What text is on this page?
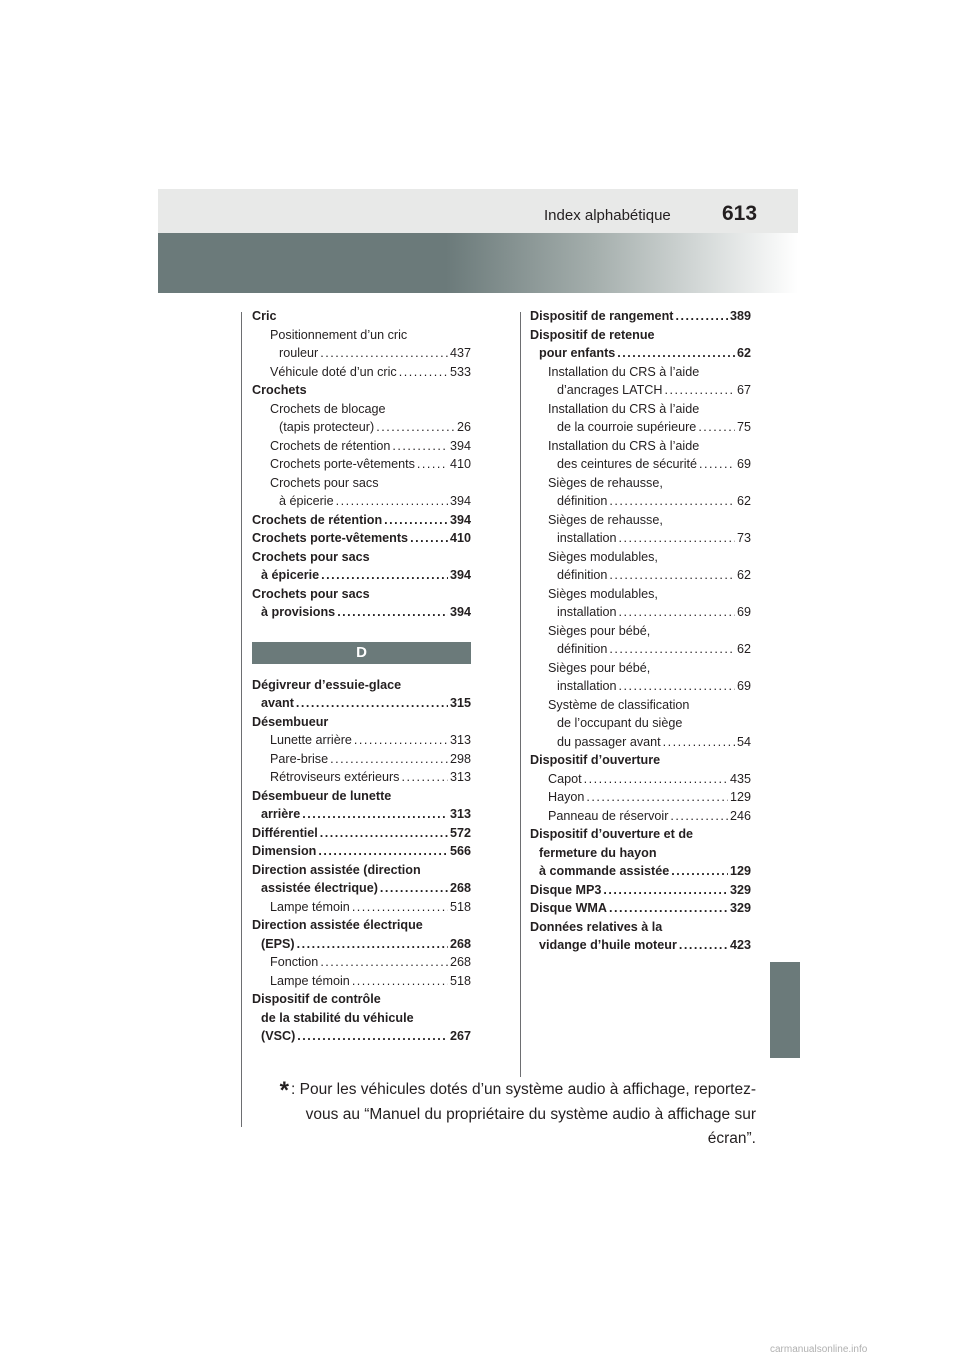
Index alphabétique 613
Cric
Positionnement d’un cric
rouleur . . .	437
Véhicule doté d’un cric . . .	533
Crochets
Crochets de blocage
(tapis protecteur) . . .	26
Crochets de rétention . . .	394
Crochets porte-vêtements . . .	410
Crochets pour sacs
à épicerie . . .	394
Crochets de rétention . . .	394
Crochets porte-vêtements . . .	410
Crochets pour sacs
à épicerie . . .	394
Crochets pour sacs
à provisions . . .	394
D
Dégivreur d’essuie-glace
avant . . .	315
Désembueur
Lunette arrière . . .	313
Pare-brise . . .	298
Rétroviseurs extérieurs . . .	313
Désembueur de lunette
arrière . . .	313
Différentiel . . .	572
Dimension . . .	566
Direction assistée (direction
assistée électrique) . . .	268
Lampe témoin . . .	518
Direction assistée électrique
(EPS) . . .	268
Fonction . . .	268
Lampe témoin . . .	518
Dispositif de contrôle
de la stabilité du véhicule
(VSC) . . .	267
Dispositif de rangement . . .	389
Dispositif de retenue
pour enfants . . .	62
Installation du CRS à l’aide
d’ancrages LATCH . . .	67
Installation du CRS à l’aide
de la courroie supérieure . . .	75
Installation du CRS à l’aide
des ceintures de sécurité . . .	69
Sièges de rehausse,
définition . . .	62
Sièges de rehausse,
installation . . .	73
Sièges modulables,
définition . . .	62
Sièges modulables,
installation . . .	69
Sièges pour bébé,
définition . . .	62
Sièges pour bébé,
installation . . .	69
Système de classification
de l’occupant du siège
du passager avant . . .	54
Dispositif d’ouverture
Capot . . .	435
Hayon . . .	129
Panneau de réservoir . . .	246
Dispositif d’ouverture et de
fermeture du hayon
à commande assistée . . .	129
Disque MP3 . . .	329
Disque WMA . . .	329
Données relatives à la
vidange d’huile moteur . . .	423
* : Pour les véhicules dotés d’un système audio à affichage, reportez-vous au “Manuel du propriétaire du système audio à affichage sur écran”.
carmanualsonline.info
